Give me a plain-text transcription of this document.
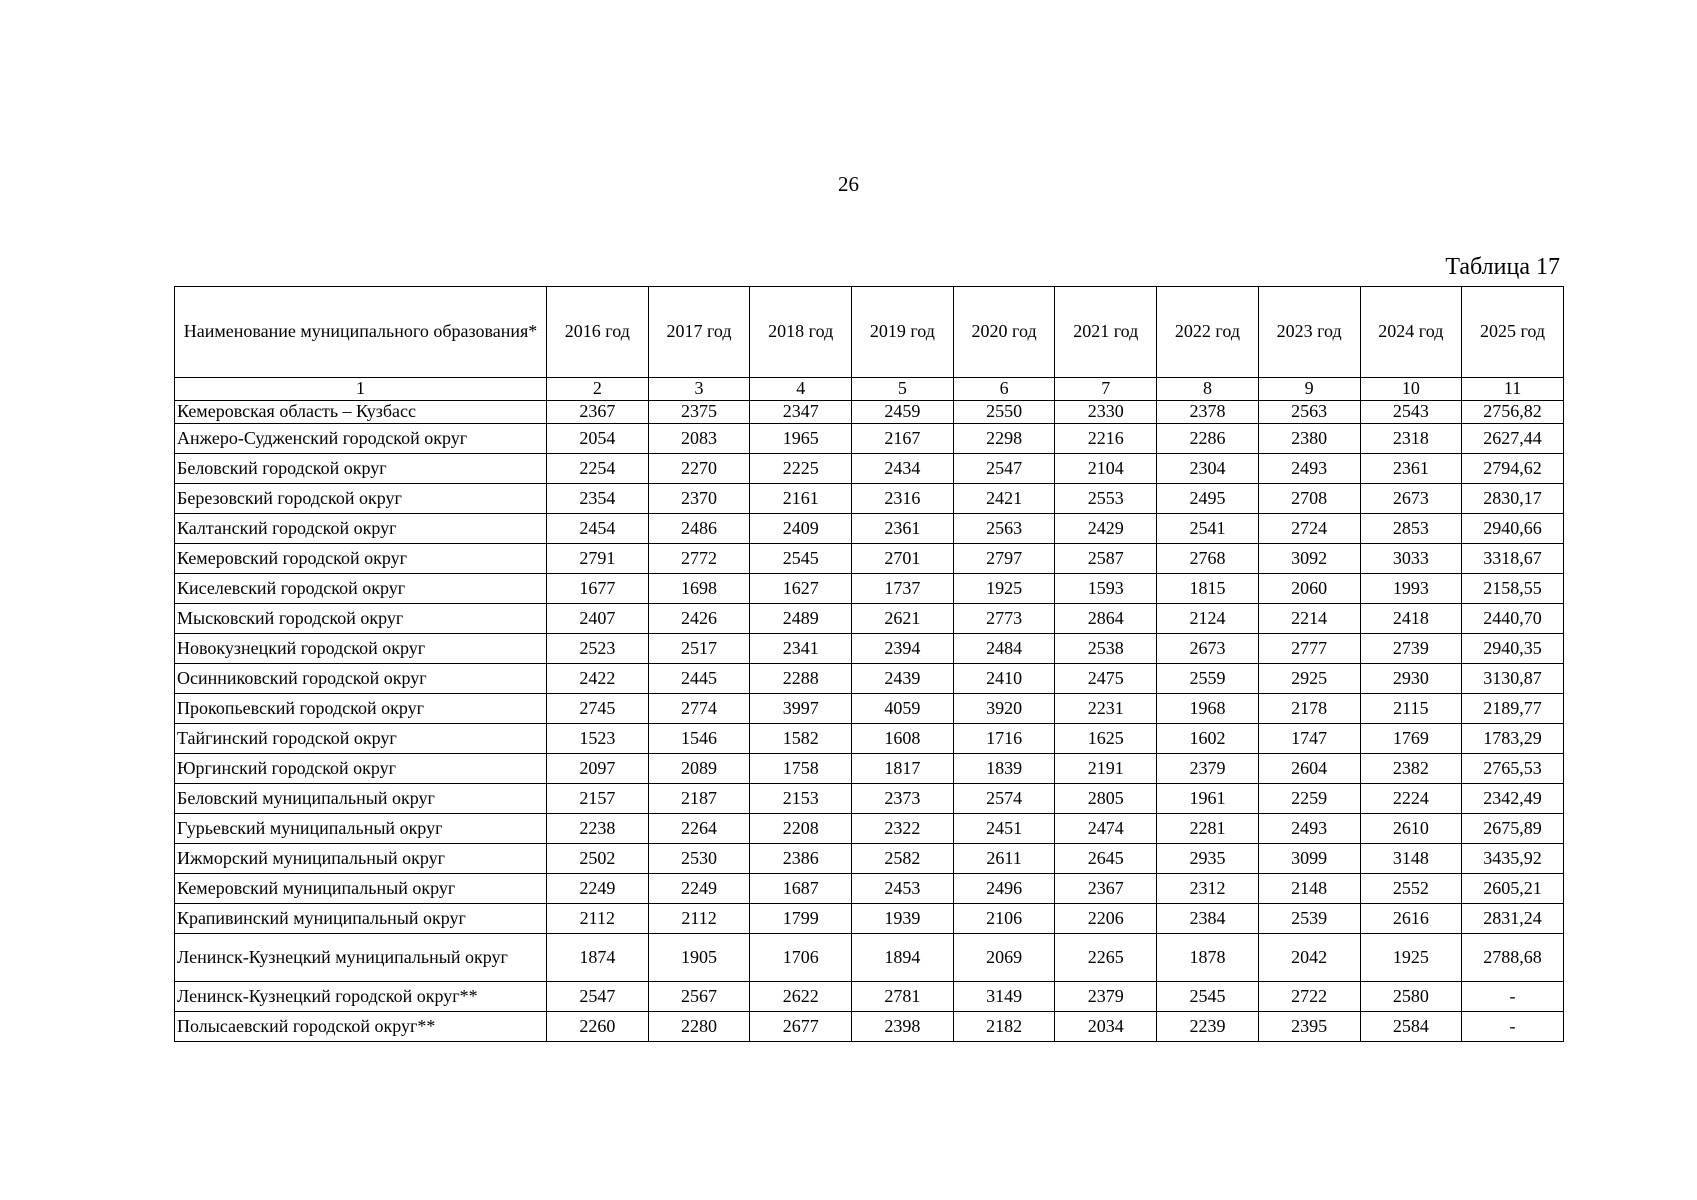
26
Таблица 17
Наименование муниципального образования*	2016 год	2017 год	2018 год	2019 год	2020 год	2021 год	2022 год	2023 год	2024 год	2025 год
1	2	3	4	5	6	7	8	9	10	11
Кемеровская область – Кузбасс	2367	2375	2347	2459	2550	2330	2378	2563	2543	2756,82
Анжеро-Судженский городской округ	2054	2083	1965	2167	2298	2216	2286	2380	2318	2627,44
Беловский городской округ	2254	2270	2225	2434	2547	2104	2304	2493	2361	2794,62
Березовский городской округ	2354	2370	2161	2316	2421	2553	2495	2708	2673	2830,17
Калтанский городской округ	2454	2486	2409	2361	2563	2429	2541	2724	2853	2940,66
Кемеровский городской округ	2791	2772	2545	2701	2797	2587	2768	3092	3033	3318,67
Киселевский городской округ	1677	1698	1627	1737	1925	1593	1815	2060	1993	2158,55
Мысковский городской округ	2407	2426	2489	2621	2773	2864	2124	2214	2418	2440,70
Новокузнецкий городской округ	2523	2517	2341	2394	2484	2538	2673	2777	2739	2940,35
Осинниковский городской округ	2422	2445	2288	2439	2410	2475	2559	2925	2930	3130,87
Прокопьевский городской округ	2745	2774	3997	4059	3920	2231	1968	2178	2115	2189,77
Тайгинский городской округ	1523	1546	1582	1608	1716	1625	1602	1747	1769	1783,29
Юргинский городской округ	2097	2089	1758	1817	1839	2191	2379	2604	2382	2765,53
Беловский муниципальный округ	2157	2187	2153	2373	2574	2805	1961	2259	2224	2342,49
Гурьевский муниципальный округ	2238	2264	2208	2322	2451	2474	2281	2493	2610	2675,89
Ижморский муниципальный округ	2502	2530	2386	2582	2611	2645	2935	3099	3148	3435,92
Кемеровский муниципальный округ	2249	2249	1687	2453	2496	2367	2312	2148	2552	2605,21
Крапивинский муниципальный округ	2112	2112	1799	1939	2106	2206	2384	2539	2616	2831,24
Ленинск-Кузнецкий муниципальный округ	1874	1905	1706	1894	2069	2265	1878	2042	1925	2788,68
Ленинск-Кузнецкий городской округ**	2547	2567	2622	2781	3149	2379	2545	2722	2580	-
Полысаевский городской округ**	2260	2280	2677	2398	2182	2034	2239	2395	2584	-
